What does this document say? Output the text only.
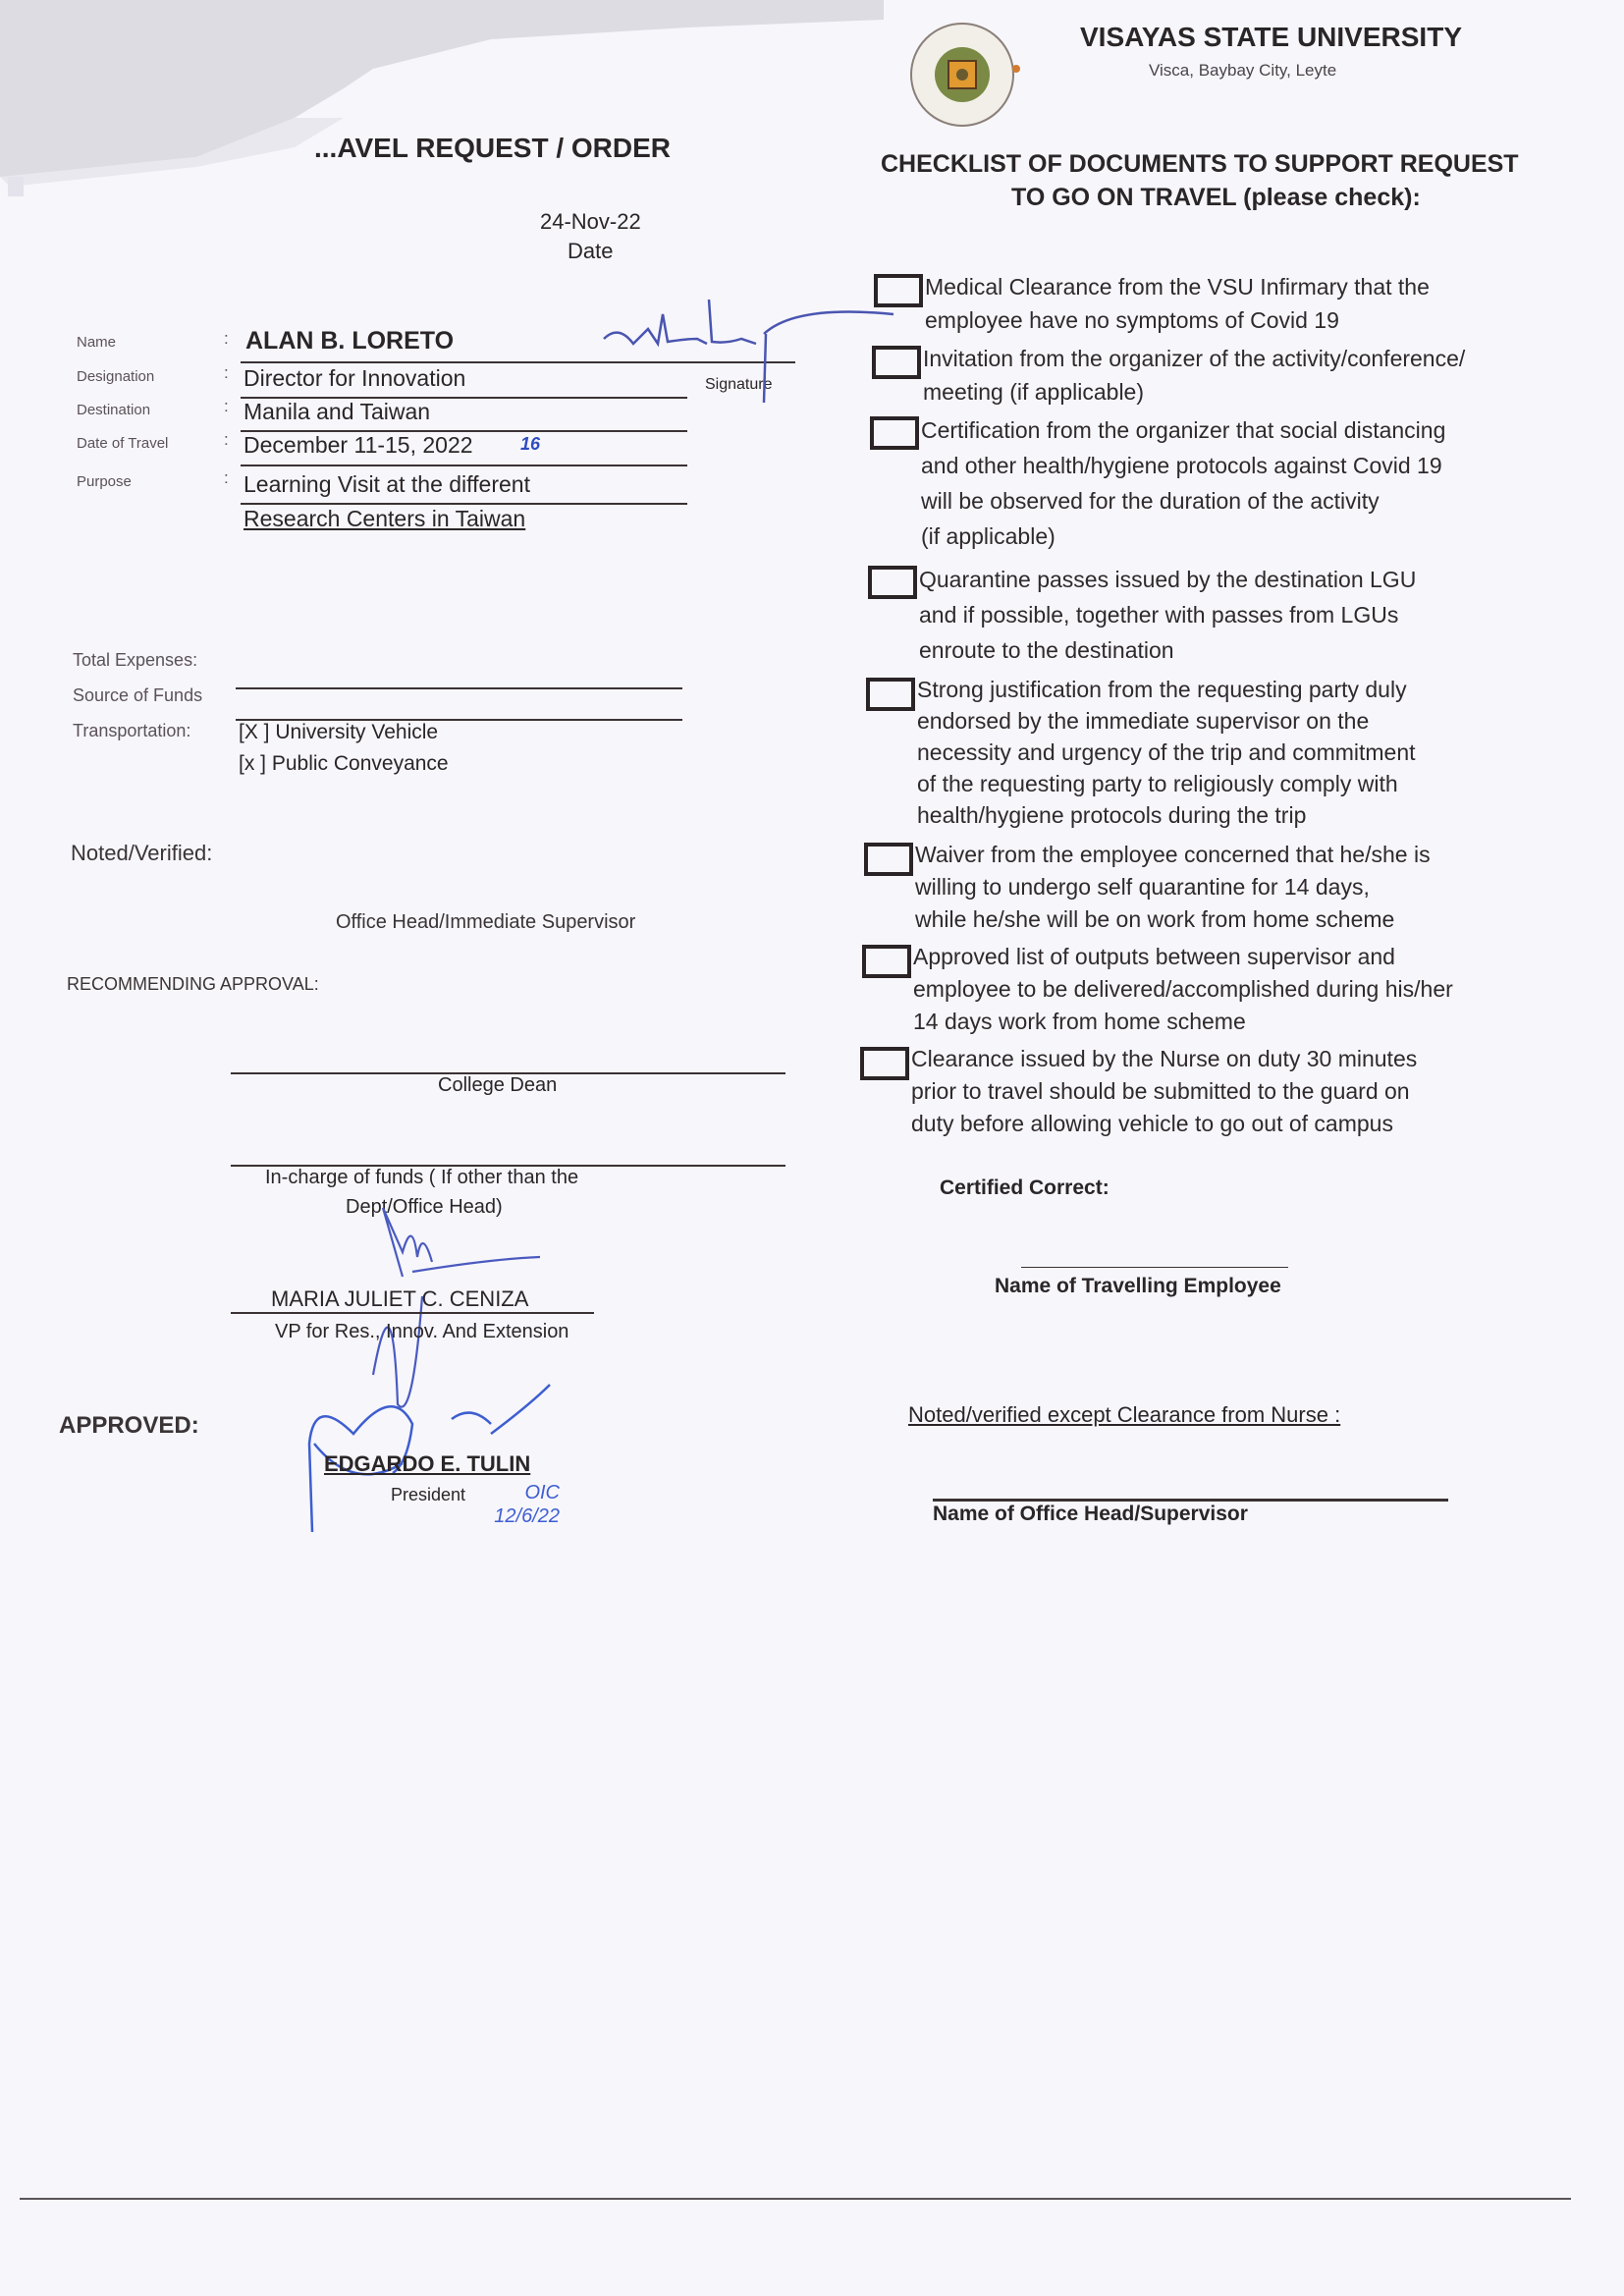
...AVEL REQUEST / ORDER
24-Nov-22
Date
Name	: ALAN B. LORETO
Signature
Designation	: Director for Innovation
Destination	: Manila and Taiwan
Date of Travel	: December 11-15, 2022	16
Purpose	: Learning Visit at the different
Research Centers in Taiwan
Total Expenses:
Source of Funds
Transportation: [X ] University Vehicle
[x ] Public Conveyance
Noted/Verified:
Office Head/Immediate Supervisor
RECOMMENDING APPROVAL:
College Dean
In-charge of funds ( If other than the
Dept/Office Head)
MARIA JULIET C. CENIZA
VP for Res., Innov. And Extension
APPROVED:
EDGARDO E. TULIN
President	OIC 12/6/22
VISAYAS STATE UNIVERSITY
Visca, Baybay City, Leyte
CHECKLIST OF DOCUMENTS TO SUPPORT REQUEST
TO GO ON TRAVEL (please check):
Medical Clearance from the VSU Infirmary that the
employee have no symptoms of Covid 19
Invitation from the organizer of the activity/conference/
meeting (if applicable)
Certification from the organizer that social distancing
and other health/hygiene protocols against Covid 19
will be observed for the duration of the activity
(if applicable)
Quarantine passes issued by the destination LGU
and if possible, together with passes from LGUs
enroute to the destination
Strong justification from the requesting party duly
endorsed by the immediate supervisor on the
necessity and urgency of the trip and commitment
of the requesting party to religiously comply with
health/hygiene protocols during the trip
Waiver from the employee concerned that he/she is
willing to undergo self quarantine for 14 days,
while he/she will be on work from home scheme
Approved list of outputs between supervisor and
employee to be delivered/accomplished during his/her
14 days work from home scheme
Clearance issued by the Nurse on duty 30 minutes
prior to travel should be submitted to the guard on
duty before allowing vehicle to go out of campus
Certified Correct:
Name of Travelling Employee
Noted/verified except Clearance from Nurse :
Name of Office Head/Supervisor
